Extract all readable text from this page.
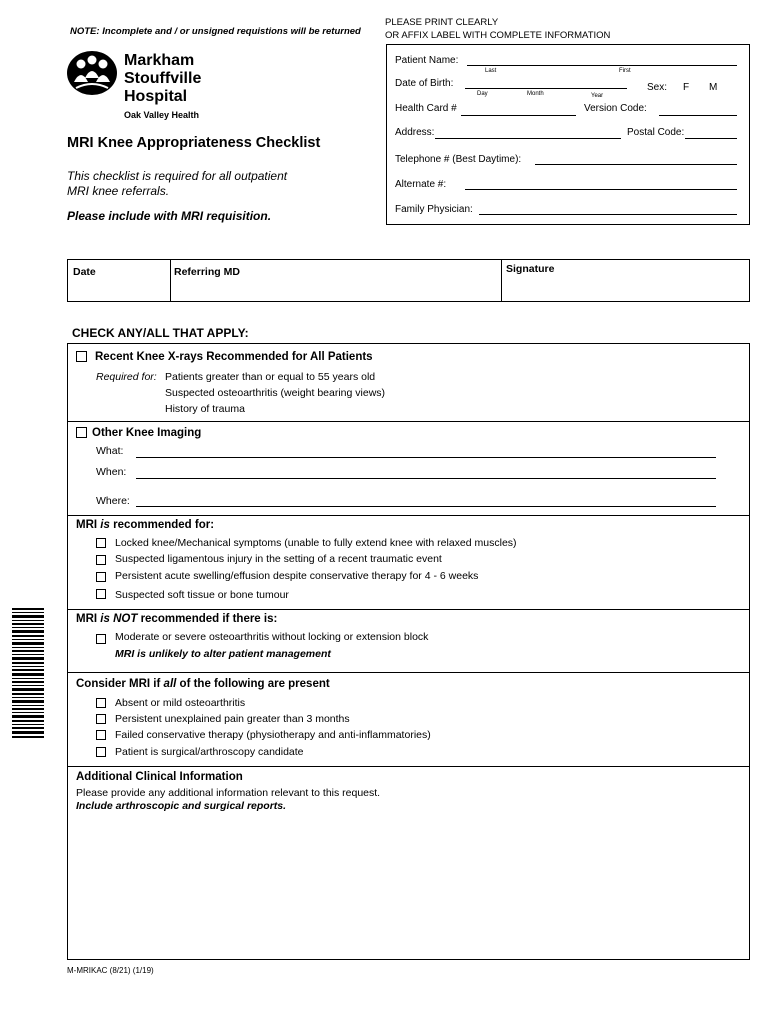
NOTE: Incomplete and / or unsigned requistions will be returned
PLEASE PRINT CLEARLY
OR AFFIX LABEL WITH COMPLETE INFORMATION
Markham
Stouffville
Hospital
Oak Valley Health
MRI Knee Appropriateness Checklist
This checklist is required for all outpatient
MRI knee referrals.
Please include with MRI requisition.
Patient Name:
Last	First
Date of Birth:
Day	Month	Year
Sex: F M
Health Card #	Version Code:
Address:	Postal Code:
Telephone # (Best Daytime):
Alternate #:
Family Physician:
Date	Referring MD	Signature
CHECK ANY/ALL THAT APPLY:
Recent Knee X-rays Recommended for All Patients
Required for: Patients greater than or equal to 55 years old
Suspected osteoarthritis (weight bearing views)
History of trauma
Other Knee Imaging
What:
When:
Where:
MRI is recommended for:
Locked knee/Mechanical symptoms (unable to fully extend knee with relaxed muscles)
Suspected ligamentous injury in the setting of a recent traumatic event
Persistent acute swelling/effusion despite conservative therapy for 4 - 6 weeks
Suspected soft tissue or bone tumour
MRI is NOT recommended if there is:
Moderate or severe osteoarthritis without locking or extension block
MRI is unlikely to alter patient management
Consider MRI if all of the following are present
Absent or mild osteoarthritis
Persistent unexplained pain greater than 3 months
Failed conservative therapy (physiotherapy and anti-inflammatories)
Patient is surgical/arthroscopy candidate
Additional Clinical Information
Please provide any additional information relevant to this request.
Include arthroscopic and surgical reports.
M-MRIKAC (8/21) (1/19)
